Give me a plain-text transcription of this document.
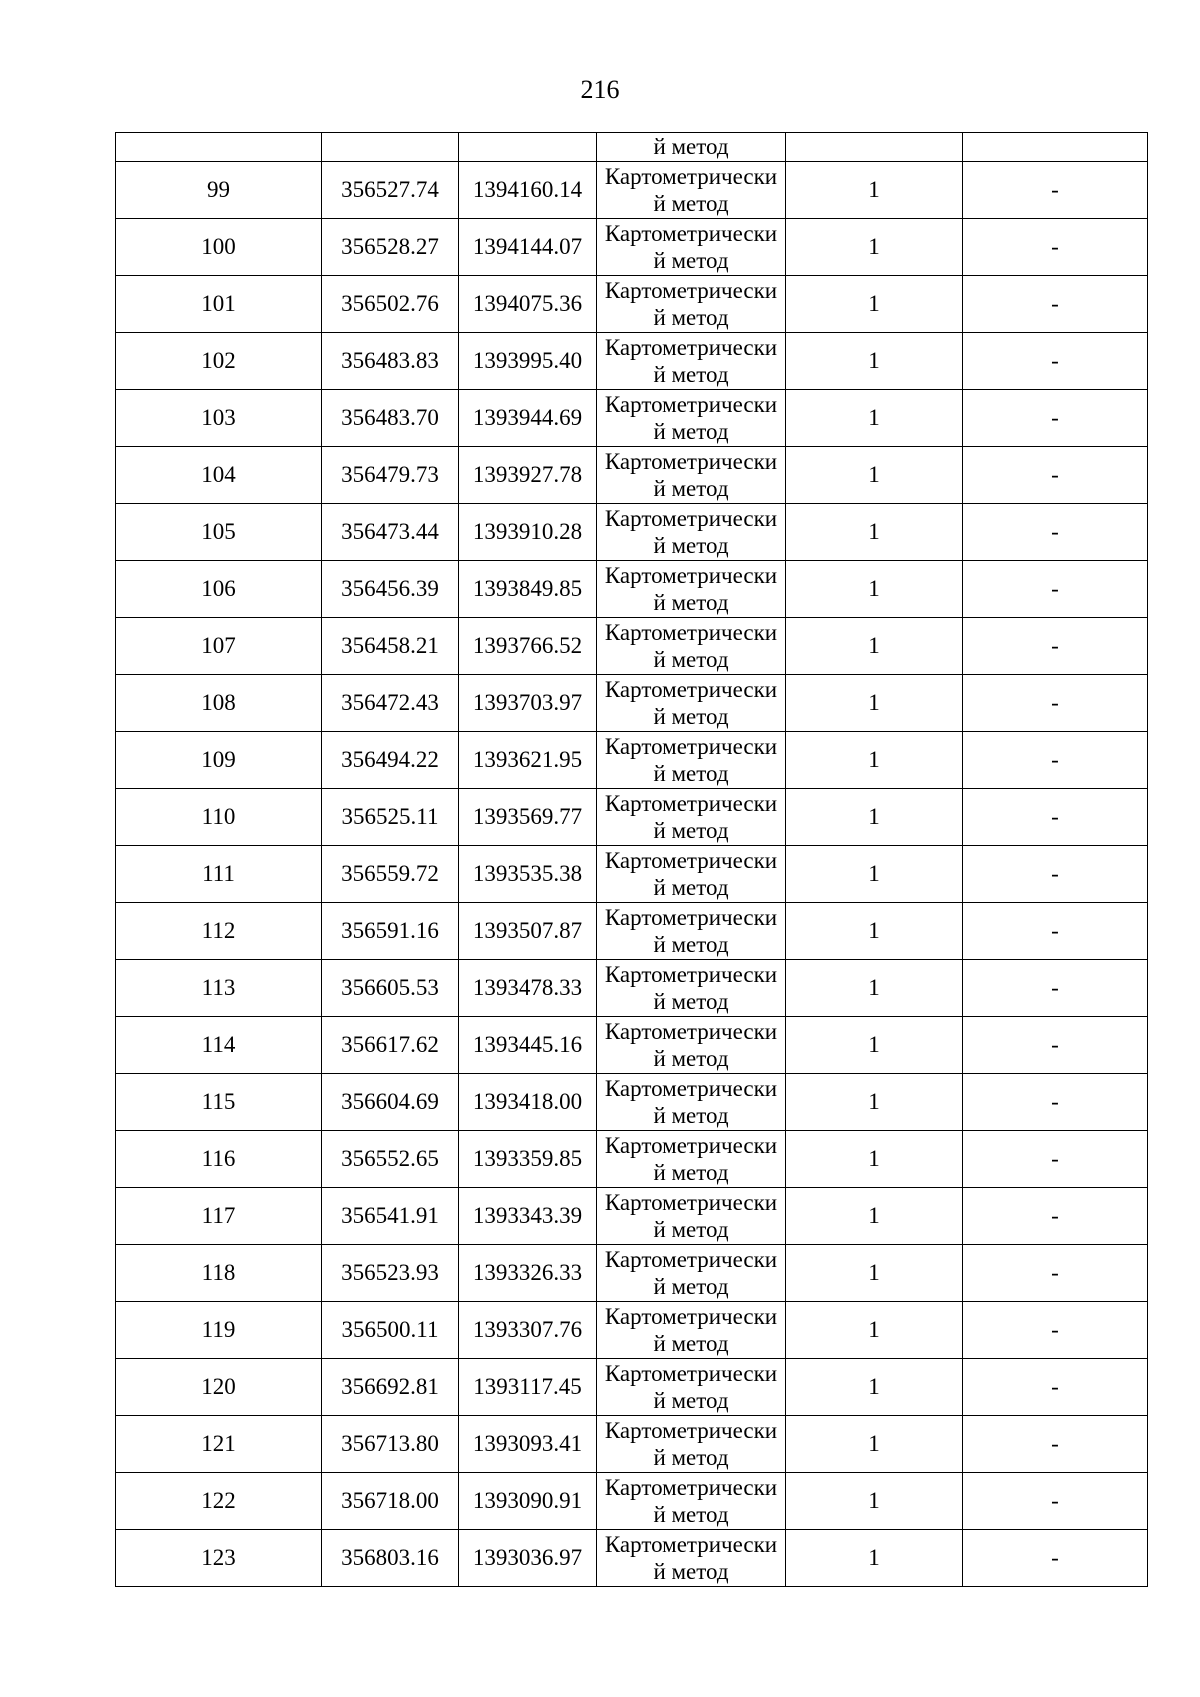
216
			й метод		
99	356527.74	1394160.14	Картометрически
й метод	1	-
100	356528.27	1394144.07	Картометрически
й метод	1	-
101	356502.76	1394075.36	Картометрически
й метод	1	-
102	356483.83	1393995.40	Картометрически
й метод	1	-
103	356483.70	1393944.69	Картометрически
й метод	1	-
104	356479.73	1393927.78	Картометрически
й метод	1	-
105	356473.44	1393910.28	Картометрически
й метод	1	-
106	356456.39	1393849.85	Картометрически
й метод	1	-
107	356458.21	1393766.52	Картометрически
й метод	1	-
108	356472.43	1393703.97	Картометрически
й метод	1	-
109	356494.22	1393621.95	Картометрически
й метод	1	-
110	356525.11	1393569.77	Картометрически
й метод	1	-
111	356559.72	1393535.38	Картометрически
й метод	1	-
112	356591.16	1393507.87	Картометрически
й метод	1	-
113	356605.53	1393478.33	Картометрически
й метод	1	-
114	356617.62	1393445.16	Картометрически
й метод	1	-
115	356604.69	1393418.00	Картометрически
й метод	1	-
116	356552.65	1393359.85	Картометрически
й метод	1	-
117	356541.91	1393343.39	Картометрически
й метод	1	-
118	356523.93	1393326.33	Картометрически
й метод	1	-
119	356500.11	1393307.76	Картометрически
й метод	1	-
120	356692.81	1393117.45	Картометрически
й метод	1	-
121	356713.80	1393093.41	Картометрически
й метод	1	-
122	356718.00	1393090.91	Картометрически
й метод	1	-
123	356803.16	1393036.97	Картометрически
й метод	1	-
